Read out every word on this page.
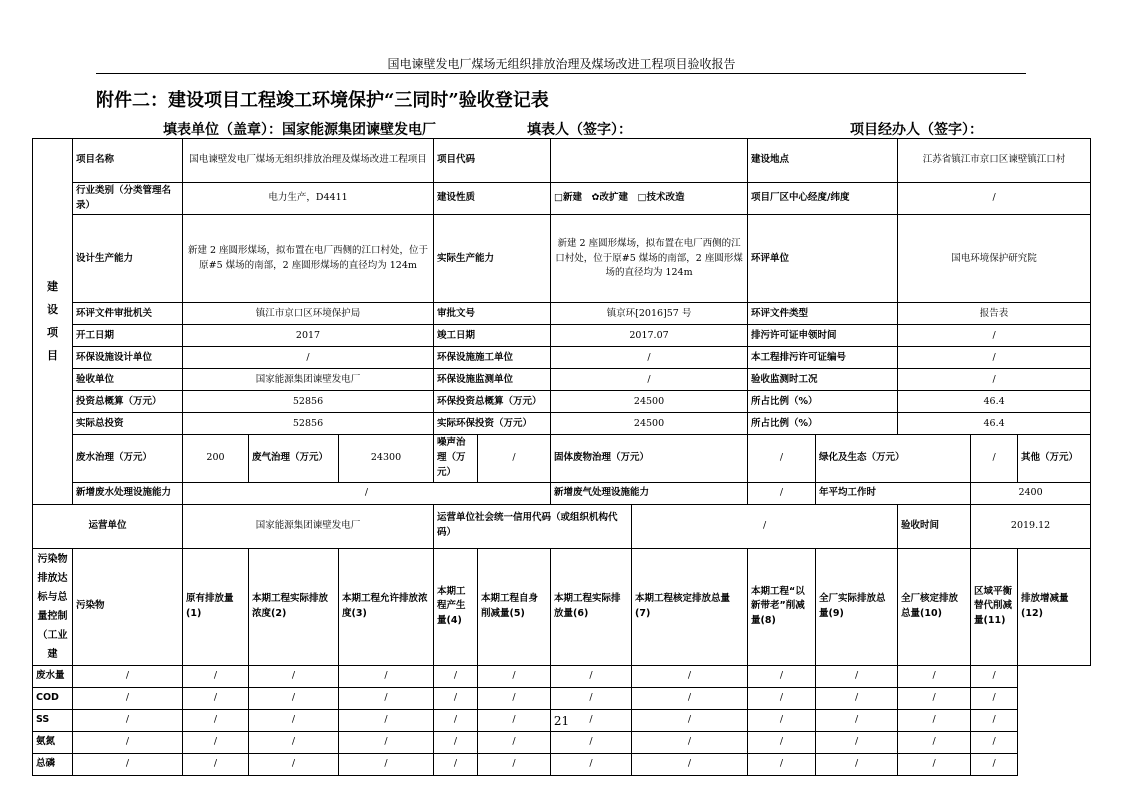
国电谏壁发电厂煤场无组织排放治理及煤场改进工程项目验收报告
附件二：建设项目工程竣工环境保护“三同时”验收登记表
填表单位（盖章）：国家能源集团谏壁发电厂	填表人（签字）：	项目经办人（签字）：
建
设
项
目	项目名称	国电谏壁发电厂煤场无组织排放治理及煤场改进工程项目			项目代码				建设地点		江苏省镇江市京口区谏壁镇江口村			
	行业类别（分类管理名录）	电力生产，D4411			建设性质		□新建　✿改扩建　□技术改造		项目厂区中心经度/纬度		/			
	设计生产能力	新建 2 座圆形煤场，拟布置在电厂西侧的江口村处，位于原#5 煤场的南部，2 座圆形煤场的直径均为 124m			实际生产能力		新建 2 座圆形煤场，拟布置在电厂西侧的江口村处，位于原#5 煤场的南部，2 座圆形煤场的直径均为 124m		环评单位		国电环境保护研究院			
	环评文件审批机关	镇江市京口区环境保护局			审批文号		镇京环[2016]57 号		环评文件类型		报告表			
	开工日期	2017			竣工日期		2017.07		排污许可证申领时间		/			
	环保设施设计单位	/			环保设施施工单位		/		本工程排污许可证编号		/			
	验收单位	国家能源集团谏壁发电厂			环保设施监测单位		/		验收监测时工况		/			
	投资总概算（万元）	52856			环保投资总概算（万元）		24500		所占比例（%）		46.4			
	实际总投资	52856			实际环保投资（万元）		24500		所占比例（%）		46.4			
	废水治理（万元）	200	废气治理（万元）	24300	噪声治理（万元）	/	固体废物治理（万元）		/	绿化及生态（万元）		/	其他（万元）	
	新增废水处理设施能力	/					新增废气处理设施能力		/	年平均工作时		2400		
运营单位		国家能源集团谏壁发电厂			运营单位社会统一信用代码（或组织机构代码）			/			验收时间	2019.12		
污染物排放达标与总量控制（工业建	污染物	原有排放量(1)	本期工程实际排放浓度(2)	本期工程允许排放浓度(3)	本期工程产生量(4)	本期工程自身削减量(5)	本期工程实际排放量(6)	本期工程核定排放总量(7)	本期工程“以新带老”削减量(8)	全厂实际排放总量(9)	全厂核定排放总量(10)	区域平衡替代削减量(11)	排放增减量(12)	
废水量	/	/	/	/	/	/	/	/	/	/	/	/		
COD	/	/	/	/	/	/	/	/	/	/	/	/		
SS	/	/	/	/	/	/	/	/	/	/	/	/		
氨氮	/	/	/	/	/	/	/	/	/	/	/	/		
总磷	/	/	/	/	/	/	/	/	/	/	/	/		
21
